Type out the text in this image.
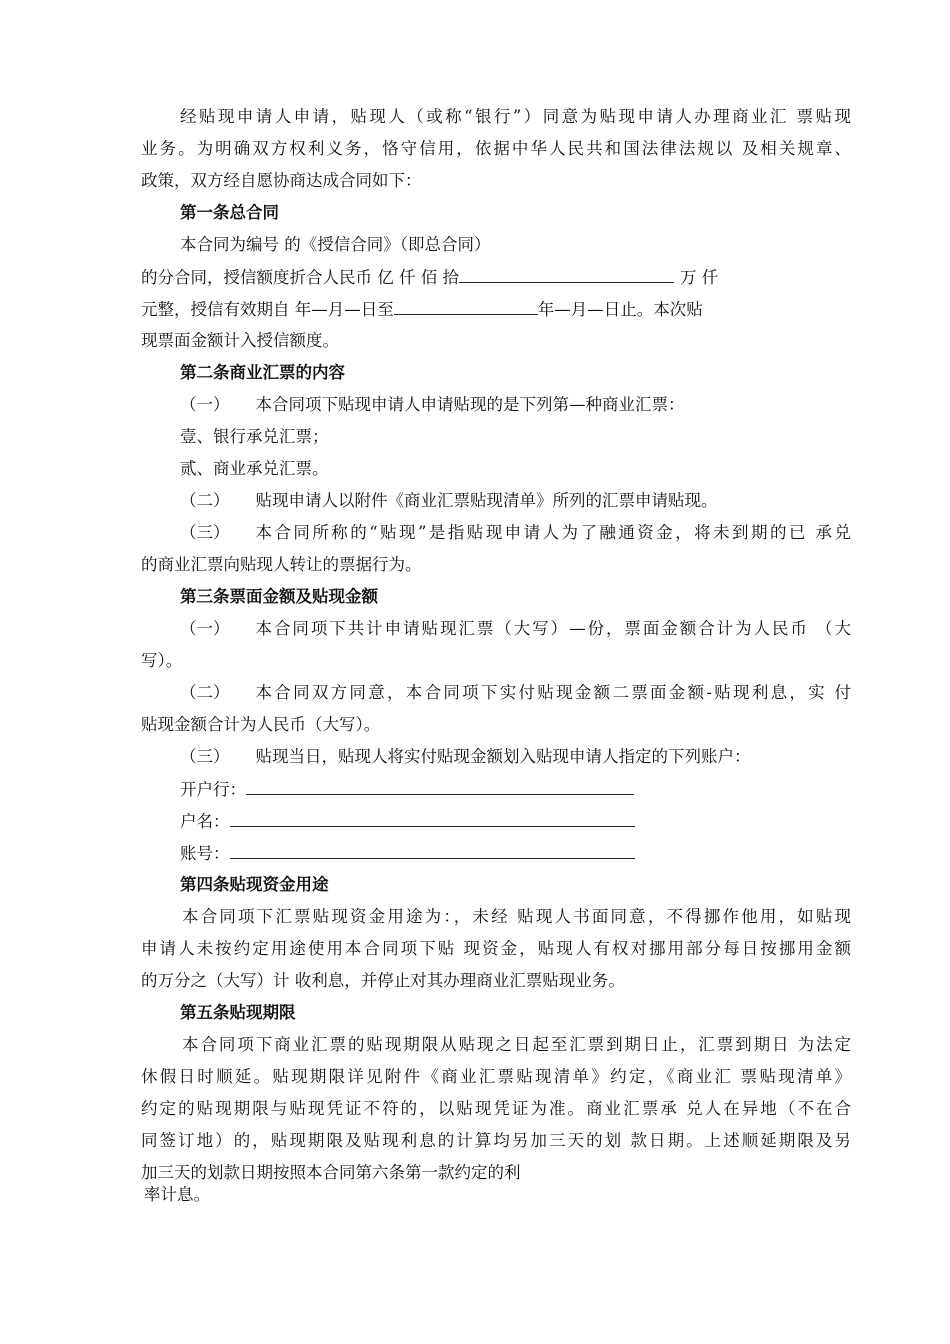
经贴现申请人申请，贴现人（或称“银行”）同意为贴现申请人办理商业汇 票贴现
业务。为明确双方权利义务，恪守信用，依据中华人民共和国法律法规以 及相关规章、
政策，双方经自愿协商达成合同如下：
第一条总合同
本合同为编号 的《授信合同》（即总合同）
的分合同，授信额度折合人民币 亿 仟 佰 拾	万 仟
元整，授信有效期自 年—月—日至	年—月—日止。本次贴
现票面金额计入授信额度。
第二条商业汇票的内容
（一） 本合同项下贴现申请人申请贴现的是下列第—种商业汇票：
壹、银行承兑汇票；
贰、商业承兑汇票。
（二） 贴现申请人以附件《商业汇票贴现清单》所列的汇票申请贴现。
（三） 本合同所称的“贴现”是指贴现申请人为了融通资金，将未到期的已 承兑
的商业汇票向贴现人转让的票据行为。
第三条票面金额及贴现金额
（一） 本合同项下共计申请贴现汇票（大写）—份，票面金额合计为人民币 （大
写）。
（二） 本合同双方同意，本合同项下实付贴现金额二票面金额-贴现利息，实 付
贴现金额合计为人民币（大写）。
（三） 贴现当日，贴现人将实付贴现金额划入贴现申请人指定的下列账户：
开户行：
户名：
账号：
第四条贴现资金用途
本合同项下汇票贴现资金用途为：，未经 贴现人书面同意，不得挪作他用，如贴现
申请人未按约定用途使用本合同项下贴 现资金，贴现人有权对挪用部分每日按挪用金额
的万分之（大写）计 收利息，并停止对其办理商业汇票贴现业务。
第五条贴现期限
本合同项下商业汇票的贴现期限从贴现之日起至汇票到期日止，汇票到期日 为法定
休假日时顺延。贴现期限详见附件《商业汇票贴现清单》约定，《商业汇 票贴现清单》
约定的贴现期限与贴现凭证不符的，以贴现凭证为准。商业汇票承 兑人在异地（不在合
同签订地）的，贴现期限及贴现利息的计算均另加三天的划 款日期。上述顺延期限及另
加三天的划款日期按照本合同第六条第一款约定的利
率计息。
